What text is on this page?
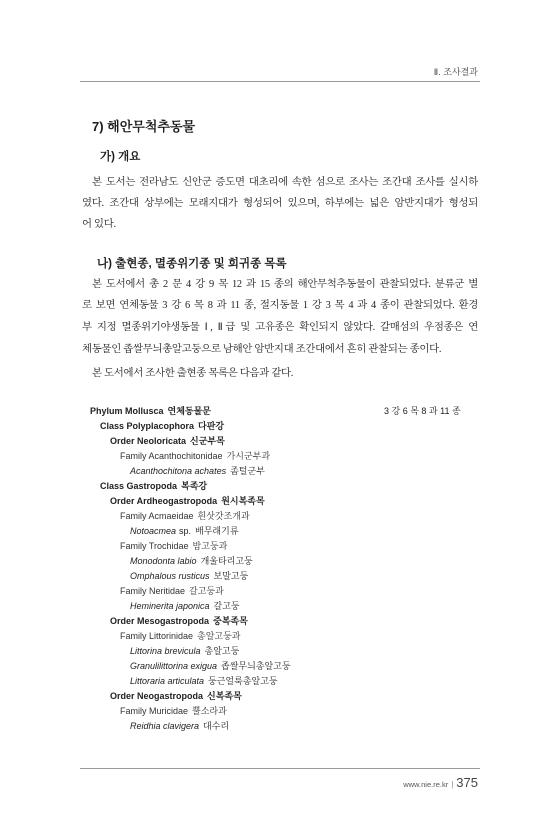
Ⅱ. 조사결과
7) 해안무척추동물
가) 개요
본 도서는 전라남도 신안군 증도면 대초리에 속한 섬으로 조사는 조간대 조사를 실시하
였다. 조간대 상부에는 모래지대가 형성되어 있으며, 하부에는 넓은 암반지대가 형성되
어 있다.
나) 출현종, 멸종위기종 및 희귀종 목록
본 도서에서 총 2 문 4 강 9 목 12 과 15 종의 해안무척추동물이 관찰되었다. 분류군 별
로 보면 연체동물 3 강 6 목 8 과 11 종, 절지동물 1 강 3 목 4 과 4 종이 관찰되었다. 환경
부 지정 멸종위기야생동물 Ⅰ, Ⅱ급 및 고유종은 확인되지 않았다. 갈매섬의 우점종은 연
체동물인 좁쌀무늬총알고둥으로 남해안 암반지대 조간대에서 흔히 관찰되는 종이다.
본 도서에서 조사한 출현종 목록은 다음과 같다.
3 강 6 목 8 과 11 종
Phylum Mollusca 연체동물문
Class Polyplacophora 다판강
Order Neoloricata 신군부목
Family Acanthochitonidae 가시군부과
Acanthochitona achates 좀털군부
Class Gastropoda 복족강
Order Ardheogastropoda 원시복족목
Family Acmaeidae 흰삿갓조개과
Notoacmea sp. 배무래기류
Family Trochidae 밤고둥과
Monodonta labio 개울타리고둥
Omphalous rusticus 보말고둥
Family Neritidae 갈고둥과
Heminerita japonica 갈고둥
Order Mesogastropoda 중복족목
Family Littorinidae 총알고둥과
Littorina brevicula 총알고둥
Granulilittorina exigua 좁쌀무늬총알고둥
Littoraria articulata 둥근얼룩총알고둥
Order Neogastropoda 신복족목
Family Muricidae 뿔소라과
Reidhia clavigera 대수리
www.nie.re.kr | 375
